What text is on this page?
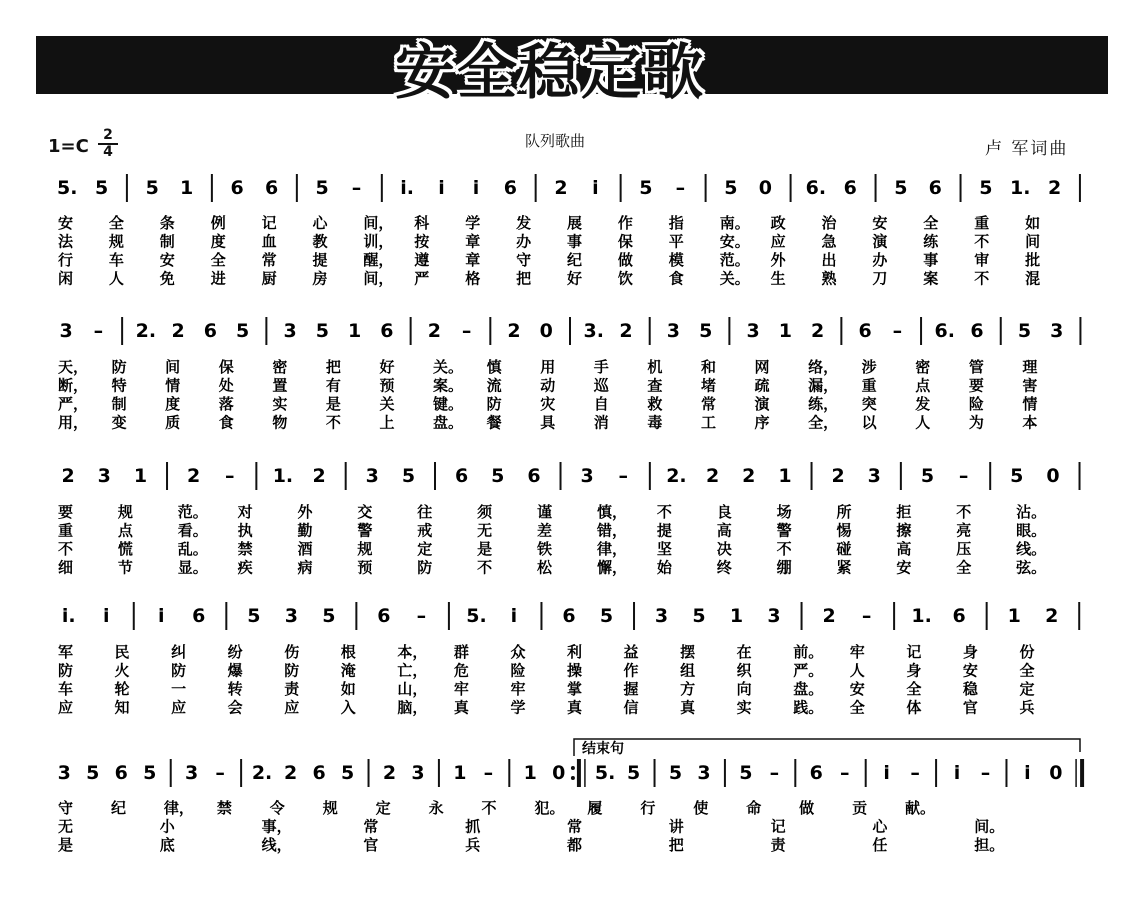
安全稳定歌
$1=C \frac{2}{4}$	队列歌曲	卢 军词曲
5. 5 5 1 6 6 5 – i. i i 6 2 i 5 – 5 0 6. 6 5 6 5 1. 2
安 全 条 例 记 心 间， 科 学 发 展 作 指 南。 政 治 安 全 重 如
法 规 制 度 血 教 训， 按 章 办 事 保 平 安。 应 急 演 练 不 间
行 车 安 全 常 提 醒， 遵 章 守 纪 做 模 范。 外 出 办 事 审 批
闲 人 免 进 厨 房 间， 严 格 把 好 饮 食 关。 生 熟 刀 案 不 混
3 – 2. 2 6 5 3 5 1 6 2 – 2 0 3. 2 3 5 3 1 2 6 – 6. 6 5 3
天， 防	间	保	密	把	好	关。 慎	用	手	机	和	网	络， 涉	密	管	理
断， 特	情	处	置	有	预	案。 流	动	巡	查	堵	疏	漏， 重	点	要	害
严， 制	度	落	实	是	关	键。 防	灾	自	救	常	演	练， 突	发	险	情
用， 变	质	食	物	不	上	盘。 餐	具	消	毒	工	序	全， 以	人	为	本
2 3 1 2 – 1. 2 3 5 6 5 6 3 – 2. 2 2 1 2 3 5 – 5 0
要	规	范。 对	外	交	往	须	谨	慎， 不	良	场	所	拒	不	沾。
重	点	看。 执	勤	警	戒	无	差	错， 提	高	警	惕	擦	亮	眼。
不	慌	乱。 禁	酒	规	定	是	铁	律， 坚	决	不	碰	高	压	线。
细	节	显。 疾	病	预	防	不	松	懈， 始	终	绷	紧	安	全	弦。
i. i	i 6 5 3 5 6 – 5. i 6 5 3 5 1 3 2 – 1. 6 1 2
军	民	纠	纷	伤	根	本， 群	众	利	益	摆	在	前。 牢	记	身	份
防	火	防	爆	防	淹	亡， 危	险	操	作	组	织	严。 人	身	安	全
车	轮	一	转	责	如	山， 牢	牢	掌	握	方	向	盘。 安	全	稳	定
应	知	应	会	应	入	脑， 真	学	真	信	真	实	践。 全	体	官	兵
3 5 6 5 3 – 2. 2 6 5 2 3 1 – 1 0 5. 5 5 3 5 – 6 – i – i – i 0
守	纪	律， 禁	令	规	定	永	不	犯。 履	行	使	命	做	贡	献。
无	小	事，	常	抓	常	讲	记	心	间。
是	底	线，	官	兵	都	把	责	任	担。
结束句
